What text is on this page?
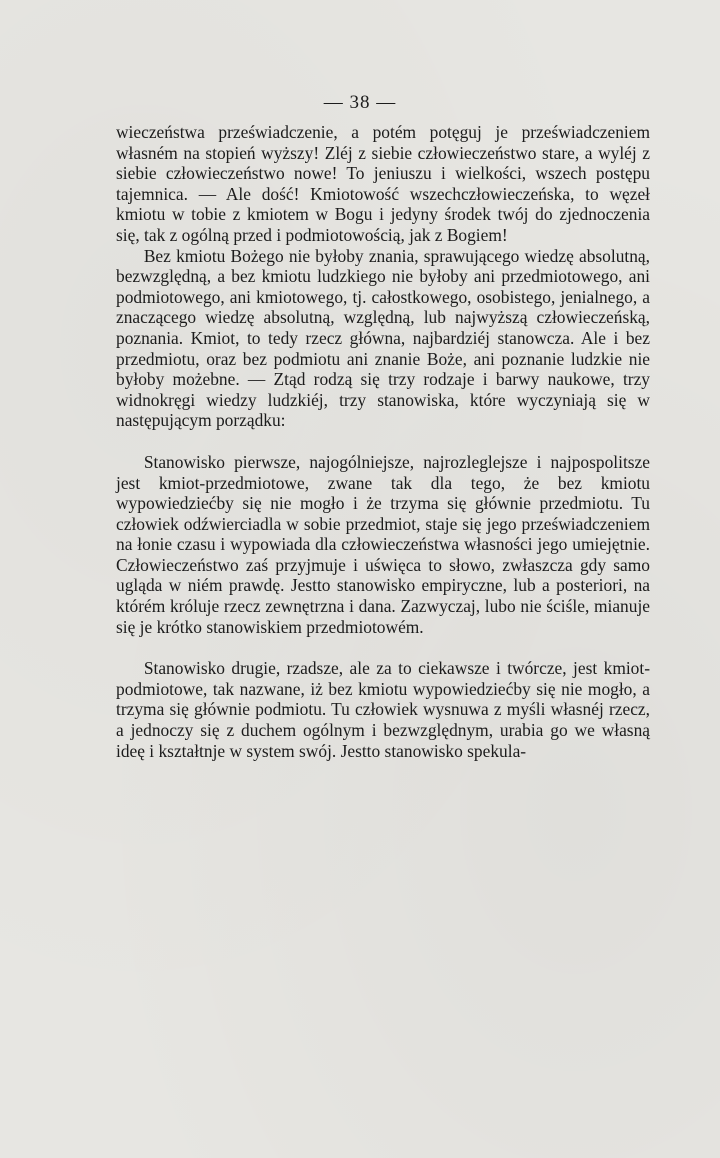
— 38 —

wieczeństwa przeświadczenie, a potém potęguj je przeświadczeniem własném na stopień wyższy! Zléj z siebie człowieczeństwo stare, a wyléj z siebie człowieczeństwo nowe! To jeniuszu i wielkości, wszech postępu tajemnica. — Ale dość! Kmiotowość wszechczłowieczeńska, to węzeł kmiotu w tobie z kmiotem w Bogu i jedyny środek twój do zjednoczenia się, tak z ogólną przed i podmiotowością, jak z Bogiem!

Bez kmiotu Bożego nie byłoby znania, sprawującego wiedzę absolutną, bezwzględną, a bez kmiotu ludzkiego nie byłoby ani przedmiotowego, ani podmiotowego, ani kmiotowego, tj. całostkowego, osobistego, jenialnego, a znaczącego wiedzę absolutną, względną, lub najwyższą człowieczeńską, poznania. Kmiot, to tedy rzecz główna, najbardziéj stanowcza. Ale i bez przedmiotu, oraz bez podmiotu ani znanie Boże, ani poznanie ludzkie nie byłoby możebne. — Ztąd rodzą się trzy rodzaje i barwy naukowe, trzy widnokręgi wiedzy ludzkiéj, trzy stanowiska, które wyczyniają się w następującym porządku:

Stanowisko pierwsze, najogólniejsze, najrozleglejsze i najpospolitsze jest kmiot-przedmiotowe, zwane tak dla tego, że bez kmiotu wypowiedziećby się nie mogło i że trzyma się głównie przedmiotu. Tu człowiek odźwierciadla w sobie przedmiot, staje się jego przeświadczeniem na łonie czasu i wypowiada dla człowieczeństwa własności jego umiejętnie. Człowieczeństwo zaś przyjmuje i uświęca to słowo, zwłaszcza gdy samo ugląda w niém prawdę. Jestto stanowisko empiryczne, lub a posteriori, na którém króluje rzecz zewnętrzna i dana. Zazwyczaj, lubo nie ściśle, mianuje się je krótko stanowiskiem przedmiotowém.

Stanowisko drugie, rzadsze, ale za to ciekawsze i twórcze, jest kmiot-podmiotowe, tak nazwane, iż bez kmiotu wypowiedziećby się nie mogło, a trzyma się głównie podmiotu. Tu człowiek wysnuwa z myśli własnéj rzecz, a jednoczy się z duchem ogólnym i bezwzględnym, urabia go we własną ideę i kształtnje w system swój. Jestto stanowisko spekula-
